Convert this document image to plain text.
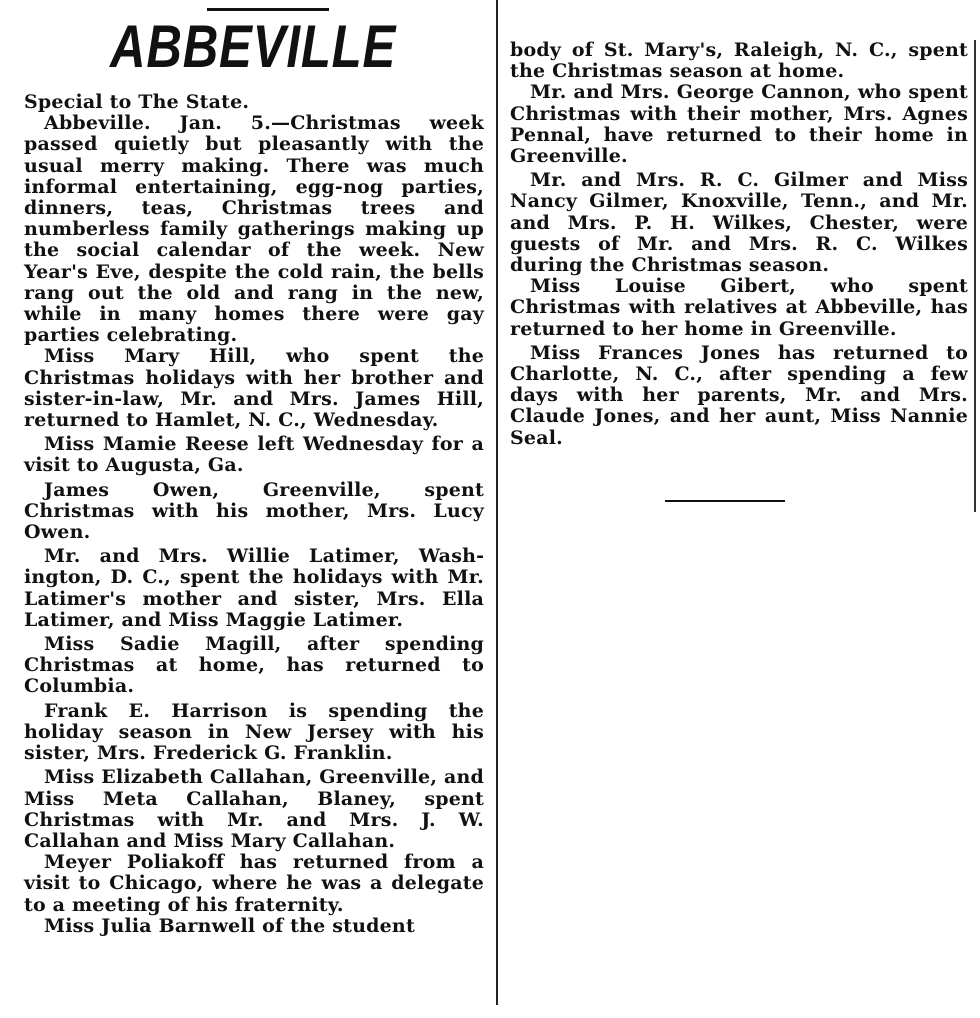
ABBEVILLE

Special to The State.

Abbeville. Jan. 5.—Christmas week passed quietly but pleasantly with the usual merry making. There was much informal entertaining, egg-nog parties, dinners, teas, Christmas trees and numberless family gatherings making up the social calendar of the week. New Year's Eve, despite the cold rain, the bells rang out the old and rang in the new, while in many homes there were gay parties celebrating.

Miss Mary Hill, who spent the Christmas holidays with her brother and sister-in-law, Mr. and Mrs. James Hill, returned to Hamlet, N. C., Wednesday.

Miss Mamie Reese left Wednesday for a visit to Augusta, Ga.

James Owen, Greenville, spent Christmas with his mother, Mrs. Lucy Owen.

Mr. and Mrs. Willie Latimer, Washington, D. C., spent the holidays with Mr. Latimer's mother and sister, Mrs. Ella Latimer, and Miss Maggie Latimer.

Miss Sadie Magill, after spending Christmas at home, has returned to Columbia.

Frank E. Harrison is spending the holiday season in New Jersey with his sister, Mrs. Frederick G. Franklin.

Miss Elizabeth Callahan, Greenville, and Miss Meta Callahan, Blaney, spent Christmas with Mr. and Mrs. J. W. Callahan and Miss Mary Callahan.

Meyer Poliakoff has returned from a visit to Chicago, where he was a delegate to a meeting of his fraternity.

Miss Julia Barnwell of the student

body of St. Mary's, Raleigh, N. C., spent the Christmas season at home.

Mr. and Mrs. George Cannon, who spent Christmas with their mother, Mrs. Agnes Pennal, have returned to their home in Greenville.

Mr. and Mrs. R. C. Gilmer and Miss Nancy Gilmer, Knoxville, Tenn., and Mr. and Mrs. P. H. Wilkes, Chester, were guests of Mr. and Mrs. R. C. Wilkes during the Christmas season.

Miss Louise Gibert, who spent Christmas with relatives at Abbeville, has returned to her home in Greenville.

Miss Frances Jones has returned to Charlotte, N. C., after spending a few days with her parents, Mr. and Mrs. Claude Jones, and her aunt, Miss Nannie Seal.
